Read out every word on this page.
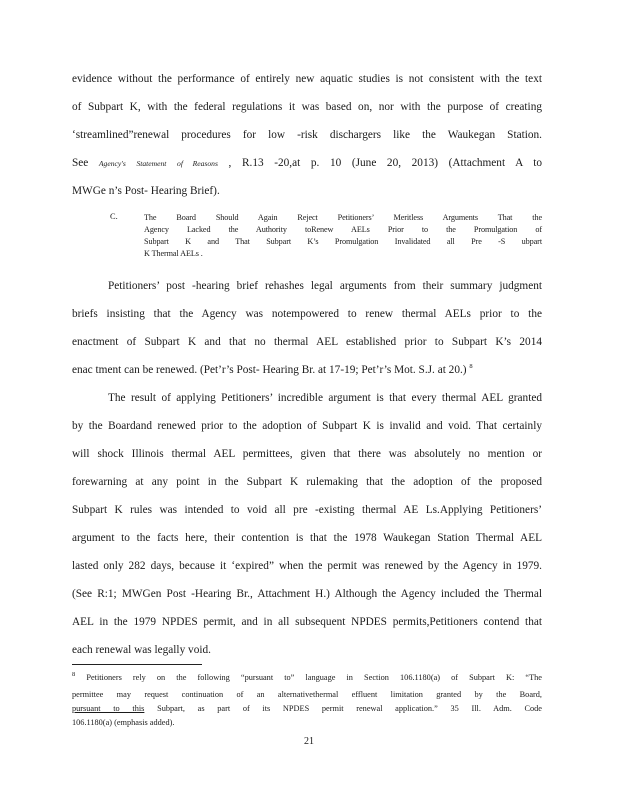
evidence without the performance of entirely new aquatic studies is not consistent with the text
of Subpart K, with the federal regulations it was based on, nor with the purpose of creating
‘streamlined”renewal procedures for low -risk dischargers like the Waukegan Station.
See Agency's Statement of Reasons , R.13 -20,at p. 10 (June 20, 2013) (Attachment A to
MWGe n’s Post- Hearing Brief).
C.	The Board Should Again Reject Petitioners’ Meritless Arguments That the
Agency Lacked the Authority toRenew AELs Prior to the Promulgation of
Subpart K and That Subpart K’s Promulgation Invalidated all Pre -S ubpart
K Thermal AELs .
Petitioners’ post -hearing brief rehashes legal arguments from their summary judgment
briefs insisting that the Agency was notempowered to renew thermal AELs prior to the
enactment of Subpart K and that no thermal AEL established prior to Subpart K’s 2014
enac tment can be renewed. (Pet’r’s Post- Hearing Br. at 17-19; Pet’r’s Mot. S.J. at 20.) $^8$
The result of applying Petitioners’ incredible argument is that every thermal AEL granted
by the Boardand renewed prior to the adoption of Subpart K is invalid and void. That certainly
will shock Illinois thermal AEL permittees, given that there was absolutely no mention or
forewarning at any point in the Subpart K rulemaking that the adoption of the proposed
Subpart K rules was intended to void all pre -existing thermal AE Ls.Applying Petitioners’
argument to the facts here, their contention is that the 1978 Waukegan Station Thermal AEL
lasted only 282 days, because it ‘expired” when the permit was renewed by the Agency in 1979.
(See R:1; MWGen Post -Hearing Br., Attachment H.) Although the Agency included the Thermal
AEL in the 1979 NPDES permit, and in all subsequent NPDES permits,Petitioners contend that
each renewal was legally void.
$^8$ Petitioners rely on the following “pursuant to” language in Section 106.1180(a) of Subpart K: “The
permittee may request continuation of an alternativethermal effluent limitation granted by the Board,
pursuant to this Subpart, as part of its NPDES permit renewal application.” 35 Ill. Adm. Code
106.1180(a) (emphasis added).
21
